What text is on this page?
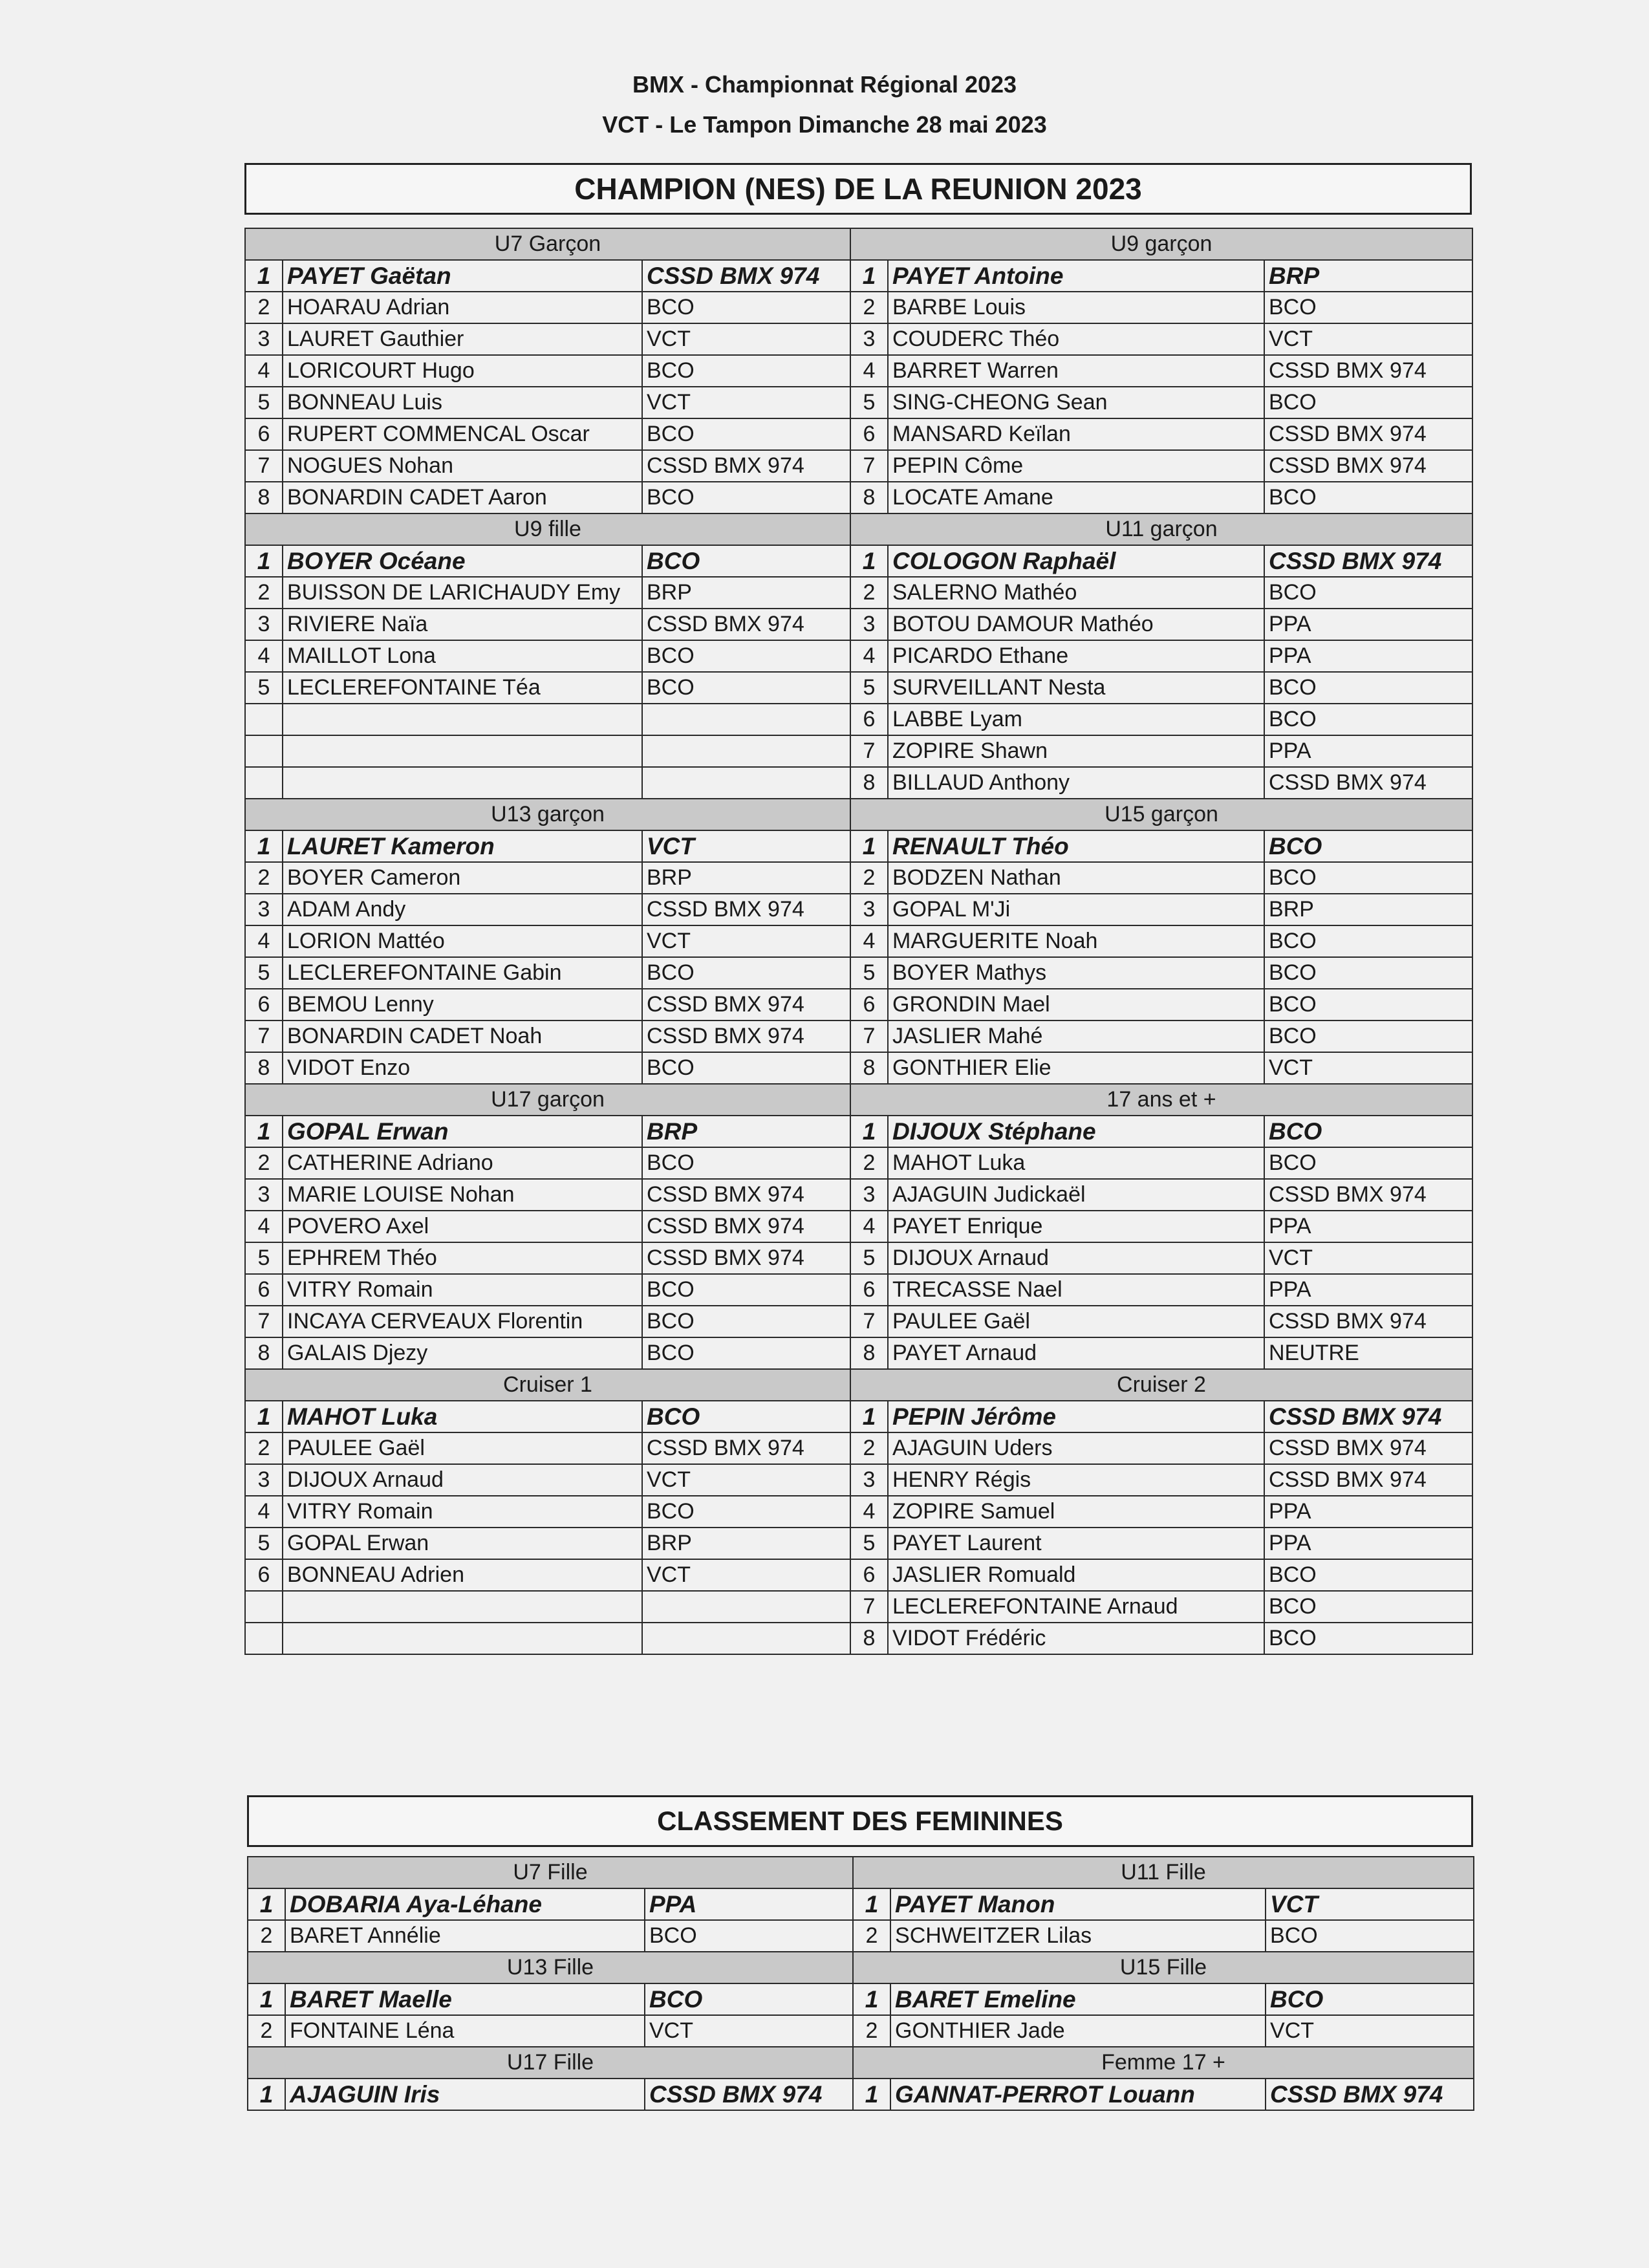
BMX - Championnat Régional 2023
VCT - Le Tampon Dimanche 28 mai 2023
CHAMPION (NES) DE LA REUNION 2023
U7 Garçon			U9 garçon		
1	PAYET Gaëtan	CSSD BMX 974	1	PAYET Antoine	BRP
2	HOARAU Adrian	BCO	2	BARBE Louis	BCO
3	LAURET Gauthier	VCT	3	COUDERC Théo	VCT
4	LORICOURT Hugo	BCO	4	BARRET Warren	CSSD BMX 974
5	BONNEAU Luis	VCT	5	SING-CHEONG Sean	BCO
6	RUPERT COMMENCAL Oscar	BCO	6	MANSARD Keïlan	CSSD BMX 974
7	NOGUES Nohan	CSSD BMX 974	7	PEPIN Côme	CSSD BMX 974
8	BONARDIN CADET Aaron	BCO	8	LOCATE Amane	BCO
U9 fille			U11 garçon		
1	BOYER Océane	BCO	1	COLOGON Raphaël	CSSD BMX 974
2	BUISSON DE LARICHAUDY Emy	BRP	2	SALERNO Mathéo	BCO
3	RIVIERE Naïa	CSSD BMX 974	3	BOTOU DAMOUR Mathéo	PPA
4	MAILLOT Lona	BCO	4	PICARDO Ethane	PPA
5	LECLEREFONTAINE Téa	BCO	5	SURVEILLANT Nesta	BCO
			6	LABBE Lyam	BCO
			7	ZOPIRE Shawn	PPA
			8	BILLAUD Anthony	CSSD BMX 974
U13 garçon			U15 garçon		
1	LAURET Kameron	VCT	1	RENAULT Théo	BCO
2	BOYER Cameron	BRP	2	BODZEN Nathan	BCO
3	ADAM Andy	CSSD BMX 974	3	GOPAL M'Ji	BRP
4	LORION Mattéo	VCT	4	MARGUERITE Noah	BCO
5	LECLEREFONTAINE Gabin	BCO	5	BOYER Mathys	BCO
6	BEMOU Lenny	CSSD BMX 974	6	GRONDIN Mael	BCO
7	BONARDIN CADET Noah	CSSD BMX 974	7	JASLIER Mahé	BCO
8	VIDOT Enzo	BCO	8	GONTHIER Elie	VCT
U17 garçon			17 ans et +		
1	GOPAL Erwan	BRP	1	DIJOUX Stéphane	BCO
2	CATHERINE Adriano	BCO	2	MAHOT Luka	BCO
3	MARIE LOUISE Nohan	CSSD BMX 974	3	AJAGUIN Judickaël	CSSD BMX 974
4	POVERO Axel	CSSD BMX 974	4	PAYET Enrique	PPA
5	EPHREM Théo	CSSD BMX 974	5	DIJOUX Arnaud	VCT
6	VITRY Romain	BCO	6	TRECASSE Nael	PPA
7	INCAYA CERVEAUX Florentin	BCO	7	PAULEE Gaël	CSSD BMX 974
8	GALAIS Djezy	BCO	8	PAYET Arnaud	NEUTRE
Cruiser 1			Cruiser 2		
1	MAHOT Luka	BCO	1	PEPIN Jérôme	CSSD BMX 974
2	PAULEE Gaël	CSSD BMX 974	2	AJAGUIN Uders	CSSD BMX 974
3	DIJOUX Arnaud	VCT	3	HENRY Régis	CSSD BMX 974
4	VITRY Romain	BCO	4	ZOPIRE Samuel	PPA
5	GOPAL Erwan	BRP	5	PAYET Laurent	PPA
6	BONNEAU Adrien	VCT	6	JASLIER Romuald	BCO
			7	LECLEREFONTAINE Arnaud	BCO
			8	VIDOT Frédéric	BCO
CLASSEMENT DES FEMININES
U7 Fille			U11 Fille		
1	DOBARIA Aya-Léhane	PPA	1	PAYET Manon	VCT
2	BARET Annélie	BCO	2	SCHWEITZER Lilas	BCO
U13 Fille			U15 Fille		
1	BARET Maelle	BCO	1	BARET Emeline	BCO
2	FONTAINE Léna	VCT	2	GONTHIER Jade	VCT
U17 Fille			Femme 17 +		
1	AJAGUIN Iris	CSSD BMX 974	1	GANNAT-PERROT Louann	CSSD BMX 974
